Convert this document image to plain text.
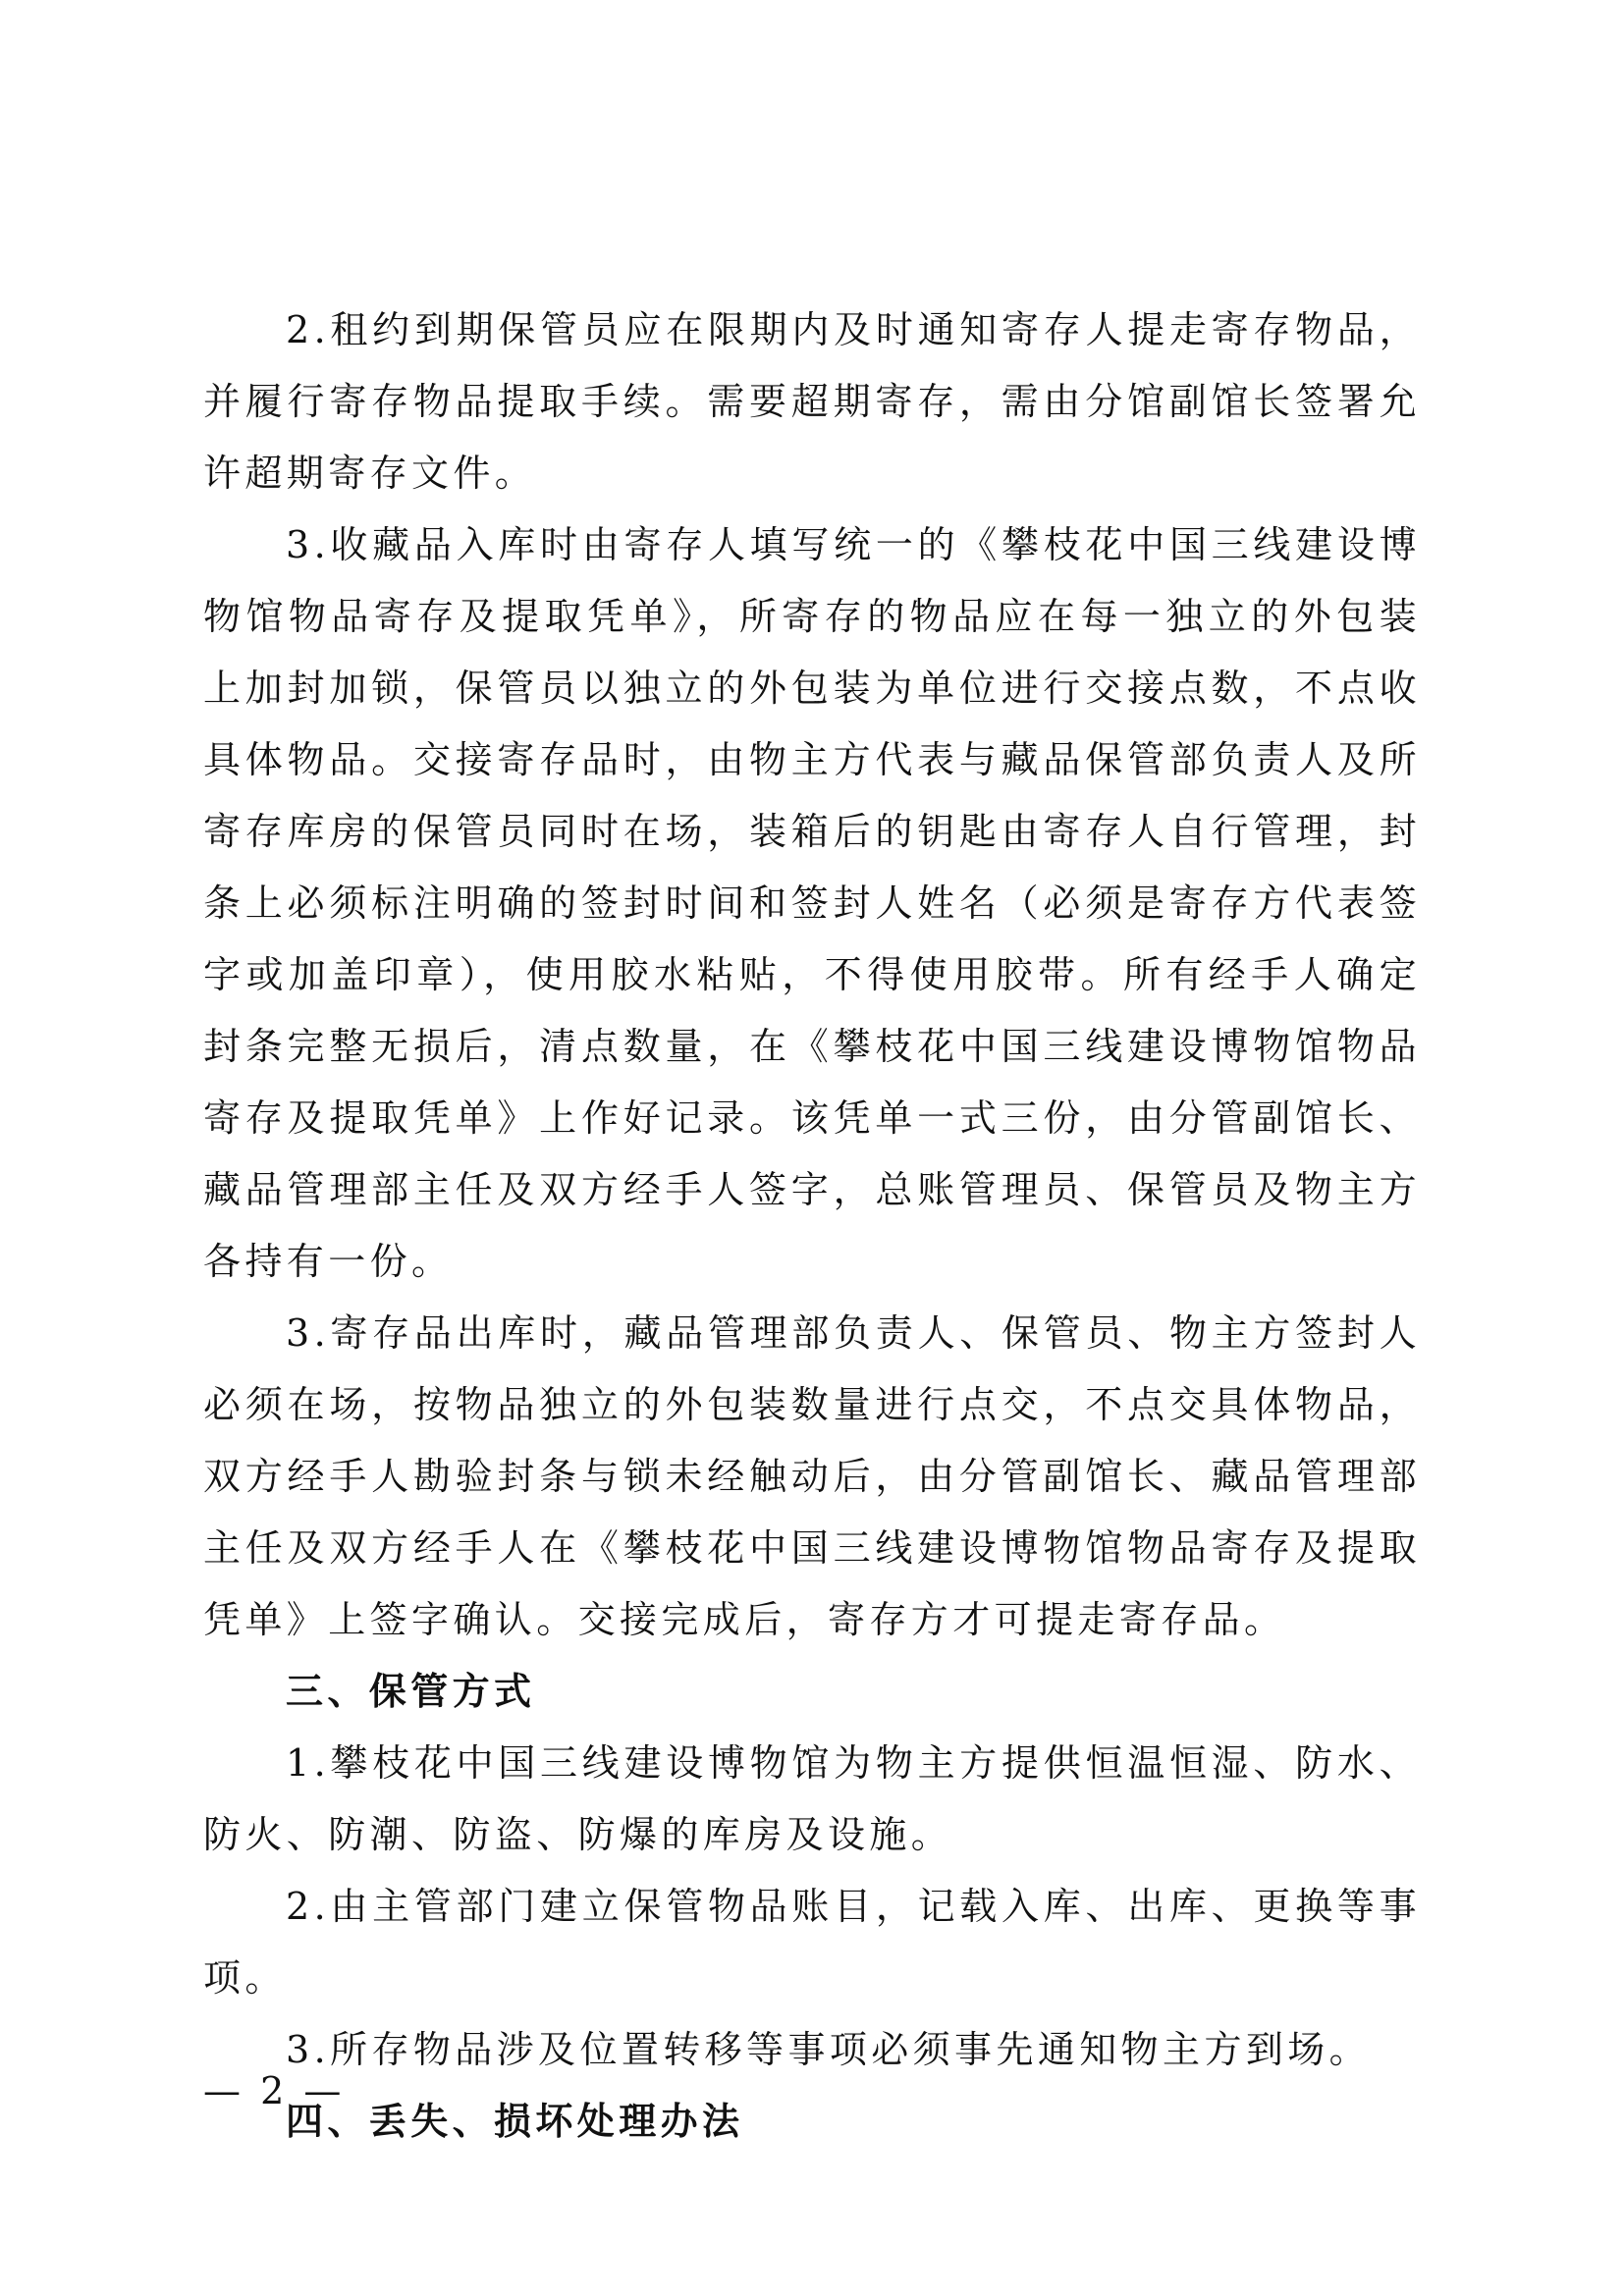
2.租约到期保管员应在限期内及时通知寄存人提走寄存物品，并履行寄存物品提取手续。需要超期寄存，需由分馆副馆长签署允许超期寄存文件。

3.收藏品入库时由寄存人填写统一的《攀枝花中国三线建设博物馆物品寄存及提取凭单》，所寄存的物品应在每一独立的外包装上加封加锁，保管员以独立的外包装为单位进行交接点数，不点收具体物品。交接寄存品时，由物主方代表与藏品保管部负责人及所寄存库房的保管员同时在场，装箱后的钥匙由寄存人自行管理，封条上必须标注明确的签封时间和签封人姓名（必须是寄存方代表签字或加盖印章），使用胶水粘贴，不得使用胶带。所有经手人确定封条完整无损后，清点数量，在《攀枝花中国三线建设博物馆物品寄存及提取凭单》上作好记录。该凭单一式三份，由分管副馆长、藏品管理部主任及双方经手人签字，总账管理员、保管员及物主方各持有一份。

3.寄存品出库时，藏品管理部负责人、保管员、物主方签封人必须在场，按物品独立的外包装数量进行点交，不点交具体物品，双方经手人勘验封条与锁未经触动后，由分管副馆长、藏品管理部主任及双方经手人在《攀枝花中国三线建设博物馆物品寄存及提取凭单》上签字确认。交接完成后，寄存方才可提走寄存品。

三、保管方式

1.攀枝花中国三线建设博物馆为物主方提供恒温恒湿、防水、防火、防潮、防盗、防爆的库房及设施。

2.由主管部门建立保管物品账目，记载入库、出库、更换等事项。

3.所存物品涉及位置转移等事项必须事先通知物主方到场。

四、丢失、损坏处理办法

— 2 —
